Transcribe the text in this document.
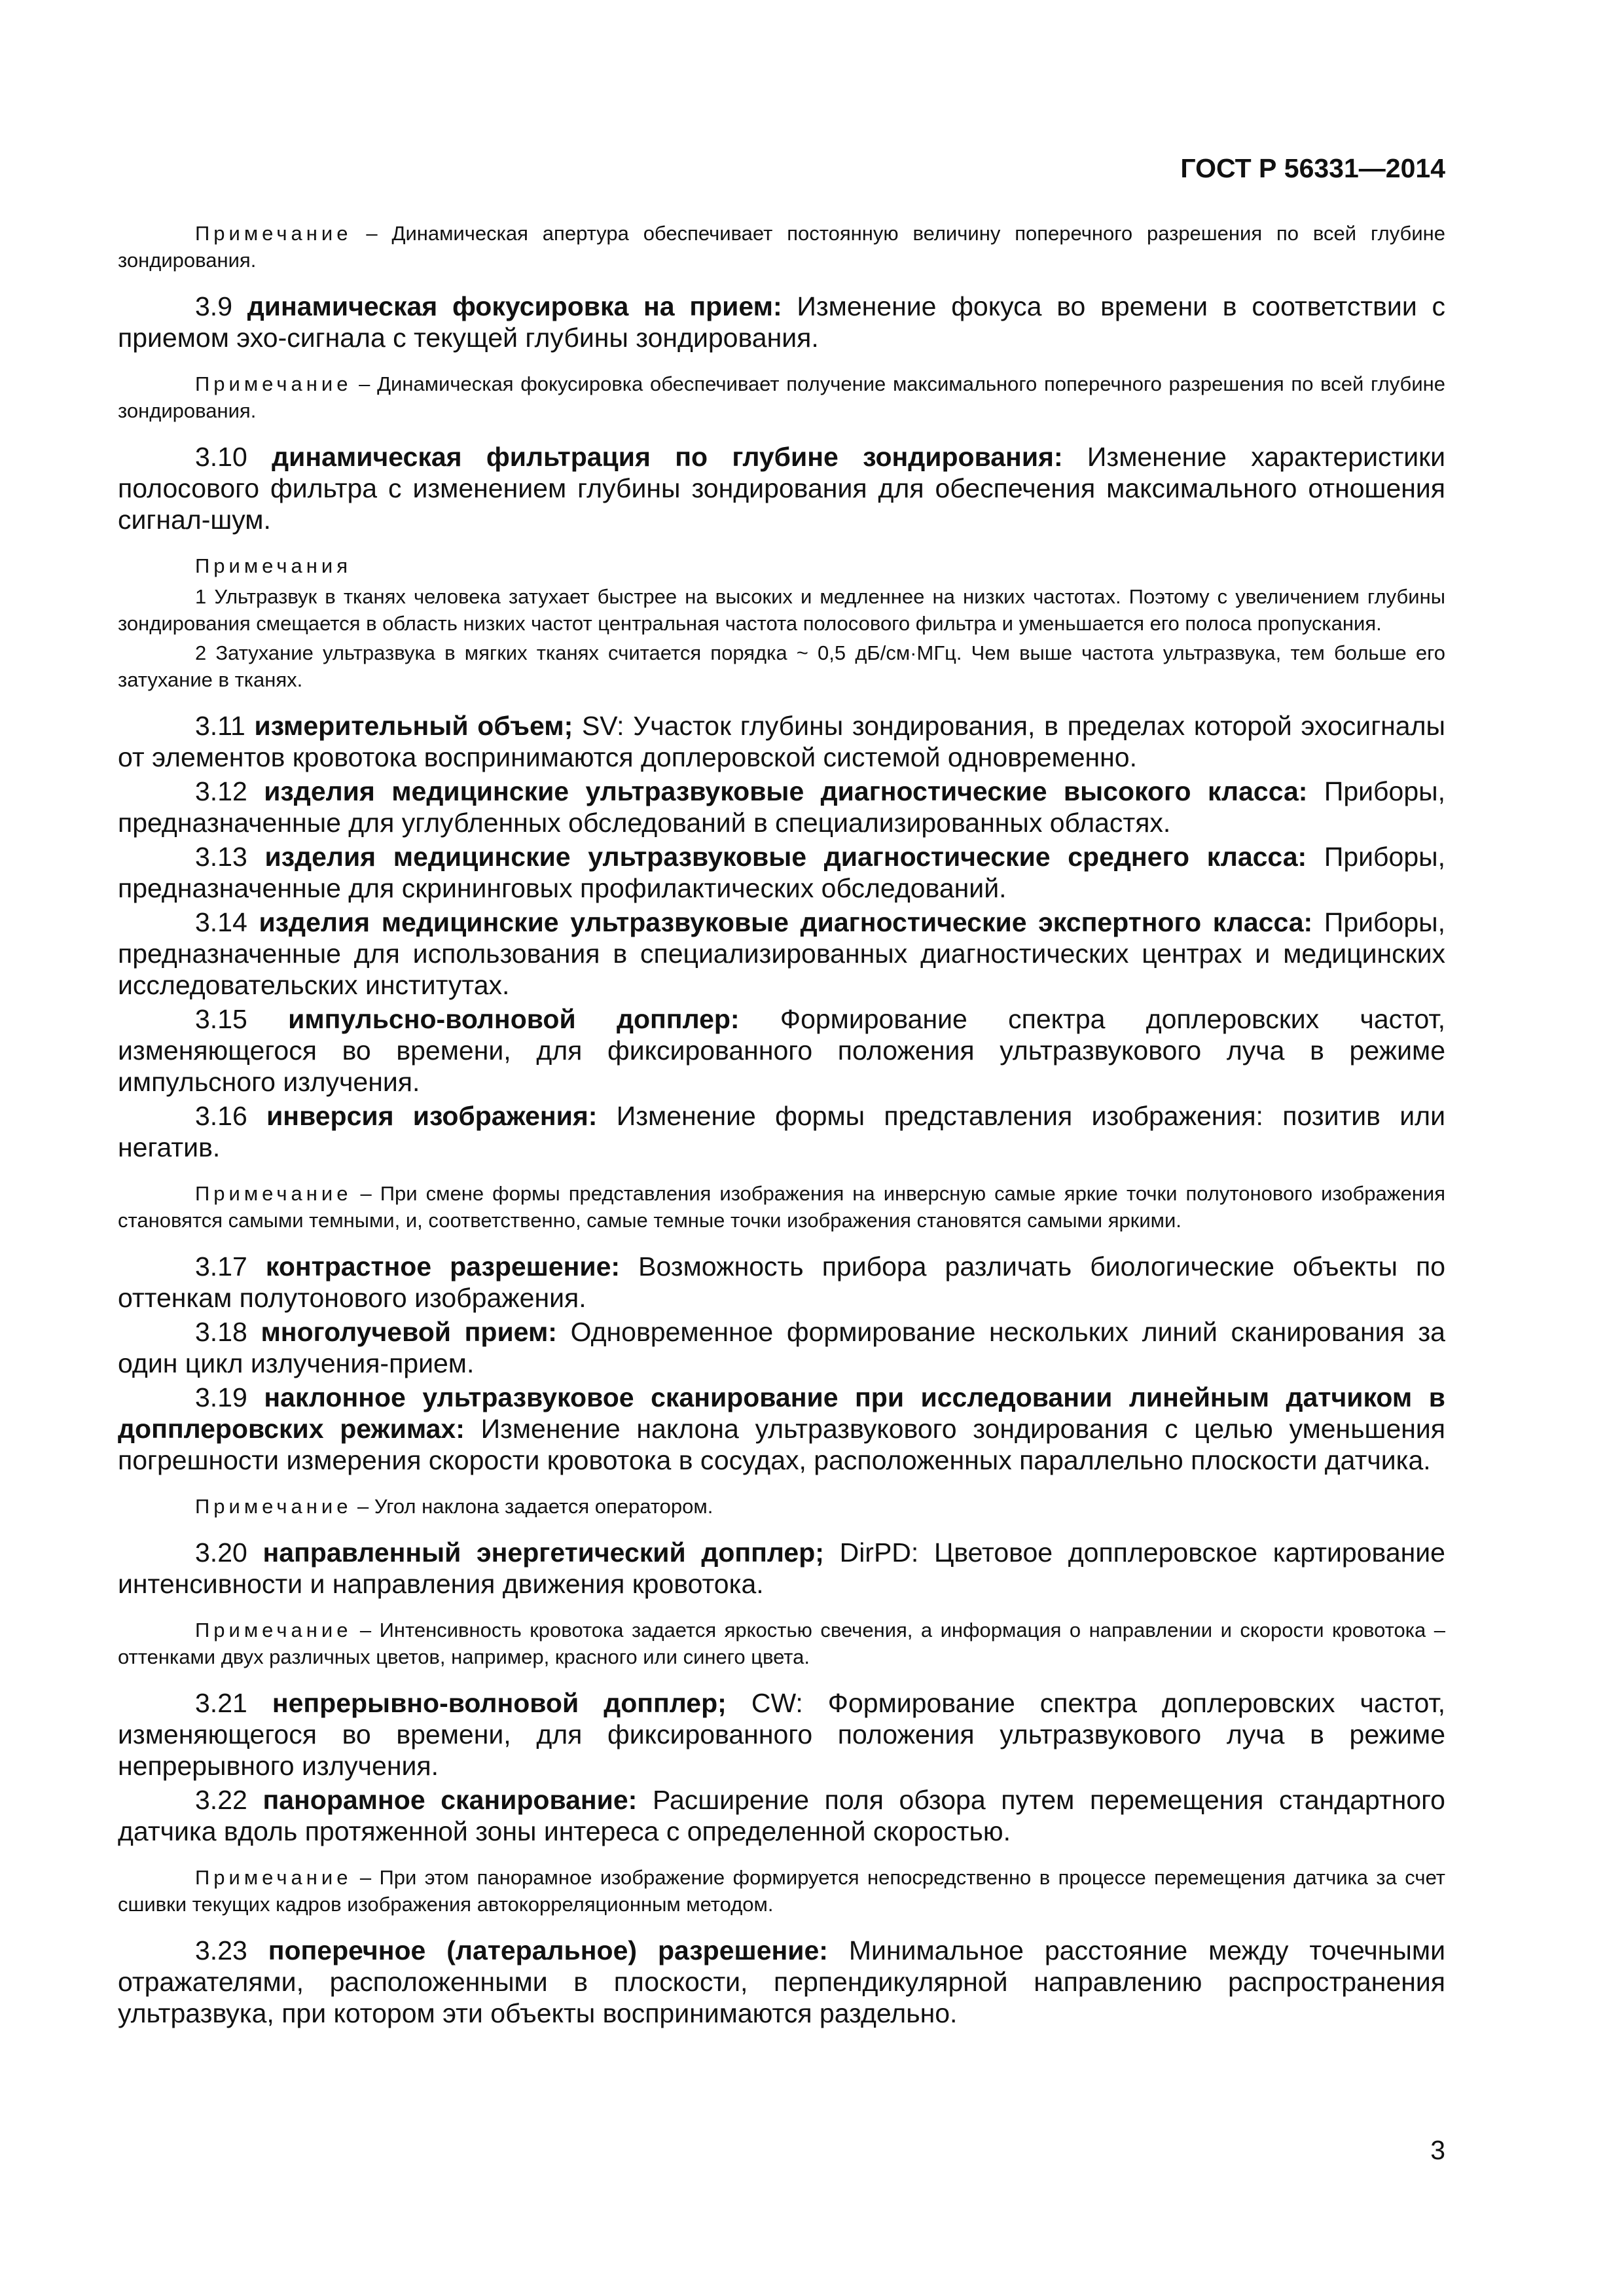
ГОСТ Р 56331—2014

Примечание – Динамическая апертура обеспечивает постоянную величину поперечного разрешения по всей глубине зондирования.

3.9 динамическая фокусировка на прием: Изменение фокуса во времени в соответствии с приемом эхо-сигнала с текущей глубины зондирования.

Примечание – Динамическая фокусировка обеспечивает получение максимального поперечного разрешения по всей глубине зондирования.

3.10 динамическая фильтрация по глубине зондирования: Изменение характеристики полосового фильтра с изменением глубины зондирования для обеспечения максимального отношения сигнал-шум.

Примечания

1 Ультразвук в тканях человека затухает быстрее на высоких и медленнее на низких частотах. Поэтому с увеличением глубины зондирования смещается в область низких частот центральная частота полосового фильтра и уменьшается его полоса пропускания.

2 Затухание ультразвука в мягких тканях считается порядка ~ 0,5 дБ/см·МГц. Чем выше частота ультразвука, тем больше его затухание в тканях.

3.11 измерительный объем; SV: Участок глубины зондирования, в пределах которой эхосигналы от элементов кровотока воспринимаются доплеровской системой одновременно.

3.12 изделия медицинские ультразвуковые диагностические высокого класса: Приборы, предназначенные для углубленных обследований в специализированных областях.

3.13 изделия медицинские ультразвуковые диагностические среднего класса: Приборы, предназначенные для скрининговых профилактических обследований.

3.14 изделия медицинские ультразвуковые диагностические экспертного класса: Приборы, предназначенные для использования в специализированных диагностических центрах и медицинских исследовательских институтах.

3.15 импульсно-волновой допплер: Формирование спектра доплеровских частот, изменяющегося во времени, для фиксированного положения ультразвукового луча в режиме импульсного излучения.

3.16 инверсия изображения: Изменение формы представления изображения: позитив или негатив.

Примечание – При смене формы представления изображения на инверсную самые яркие точки полутонового изображения становятся самыми темными, и, соответственно, самые темные точки изображения становятся самыми яркими.

3.17 контрастное разрешение: Возможность прибора различать биологические объекты по оттенкам полутонового изображения.

3.18 многолучевой прием: Одновременное формирование нескольких линий сканирования за один цикл излучения-прием.

3.19 наклонное ультразвуковое сканирование при исследовании линейным датчиком в допплеровских режимах: Изменение наклона ультразвукового зондирования с целью уменьшения погрешности измерения скорости кровотока в сосудах, расположенных параллельно плоскости датчика.

Примечание – Угол наклона задается оператором.

3.20 направленный энергетический допплер; DirPD: Цветовое допплеровское картирование интенсивности и направления движения кровотока.

Примечание – Интенсивность кровотока задается яркостью свечения, а информация о направлении и скорости кровотока – оттенками двух различных цветов, например, красного или синего цвета.

3.21 непрерывно-волновой допплер; CW: Формирование спектра доплеровских частот, изменяющегося во времени, для фиксированного положения ультразвукового луча в режиме непрерывного излучения.

3.22 панорамное сканирование: Расширение поля обзора путем перемещения стандартного датчика вдоль протяженной зоны интереса с определенной скоростью.

Примечание – При этом панорамное изображение формируется непосредственно в процессе перемещения датчика за счет сшивки текущих кадров изображения автокорреляционным методом.

3.23 поперечное (латеральное) разрешение: Минимальное расстояние между точечными отражателями, расположенными в плоскости, перпендикулярной направлению распространения ультразвука, при котором эти объекты воспринимаются раздельно.

3
